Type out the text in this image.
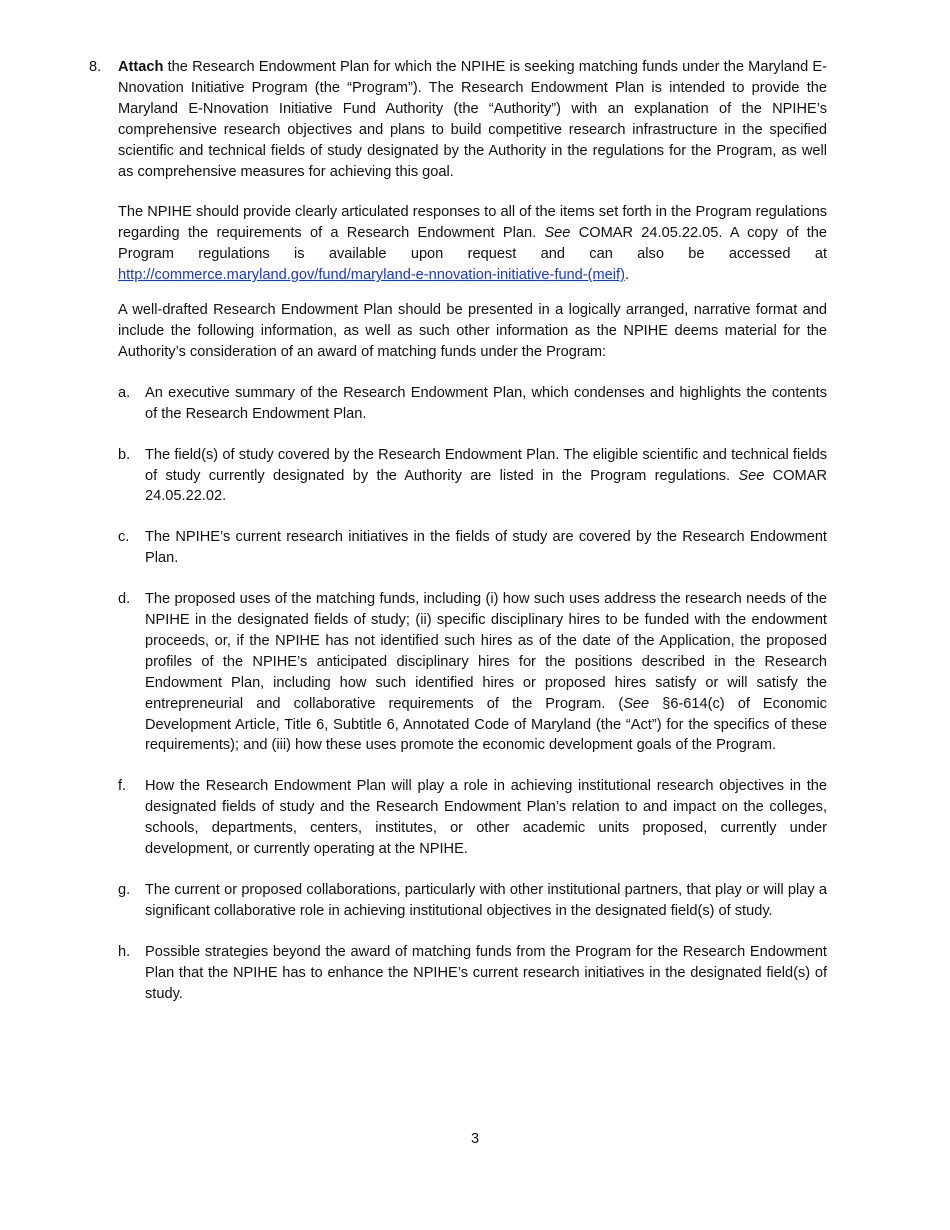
8. Attach the Research Endowment Plan for which the NPIHE is seeking matching funds under the Maryland E-Nnovation Initiative Program (the “Program”). The Research Endowment Plan is intended to provide the Maryland E-Nnovation Initiative Fund Authority (the “Authority”) with an explanation of the NPIHE’s comprehensive research objectives and plans to build competitive research infrastructure in the specified scientific and technical fields of study designated by the Authority in the regulations for the Program, as well as comprehensive measures for achieving this goal.

The NPIHE should provide clearly articulated responses to all of the items set forth in the Program regulations regarding the requirements of a Research Endowment Plan. See COMAR 24.05.22.05. A copy of the Program regulations is available upon request and can also be accessed at http://commerce.maryland.gov/fund/maryland-e-nnovation-initiative-fund-(meif).

A well-drafted Research Endowment Plan should be presented in a logically arranged, narrative format and include the following information, as well as such other information as the NPIHE deems material for the Authority’s consideration of an award of matching funds under the Program:

a. An executive summary of the Research Endowment Plan, which condenses and highlights the contents of the Research Endowment Plan.
b. The field(s) of study covered by the Research Endowment Plan. The eligible scientific and technical fields of study currently designated by the Authority are listed in the Program regulations. See COMAR 24.05.22.02.
c. The NPIHE’s current research initiatives in the fields of study are covered by the Research Endowment Plan.
d. The proposed uses of the matching funds, including (i) how such uses address the research needs of the NPIHE in the designated fields of study; (ii) specific disciplinary hires to be funded with the endowment proceeds, or, if the NPIHE has not identified such hires as of the date of the Application, the proposed profiles of the NPIHE’s anticipated disciplinary hires for the positions described in the Research Endowment Plan, including how such identified hires or proposed hires satisfy or will satisfy the entrepreneurial and collaborative requirements of the Program. (See §6-614(c) of Economic Development Article, Title 6, Subtitle 6, Annotated Code of Maryland (the “Act”) for the specifics of these requirements); and (iii) how these uses promote the economic development goals of the Program.
f. How the Research Endowment Plan will play a role in achieving institutional research objectives in the designated fields of study and the Research Endowment Plan’s relation to and impact on the colleges, schools, departments, centers, institutes, or other academic units proposed, currently under development, or currently operating at the NPIHE.
g. The current or proposed collaborations, particularly with other institutional partners, that play or will play a significant collaborative role in achieving institutional objectives in the designated field(s) of study.
h. Possible strategies beyond the award of matching funds from the Program for the Research Endowment Plan that the NPIHE has to enhance the NPIHE’s current research initiatives in the designated field(s) of study.
3
